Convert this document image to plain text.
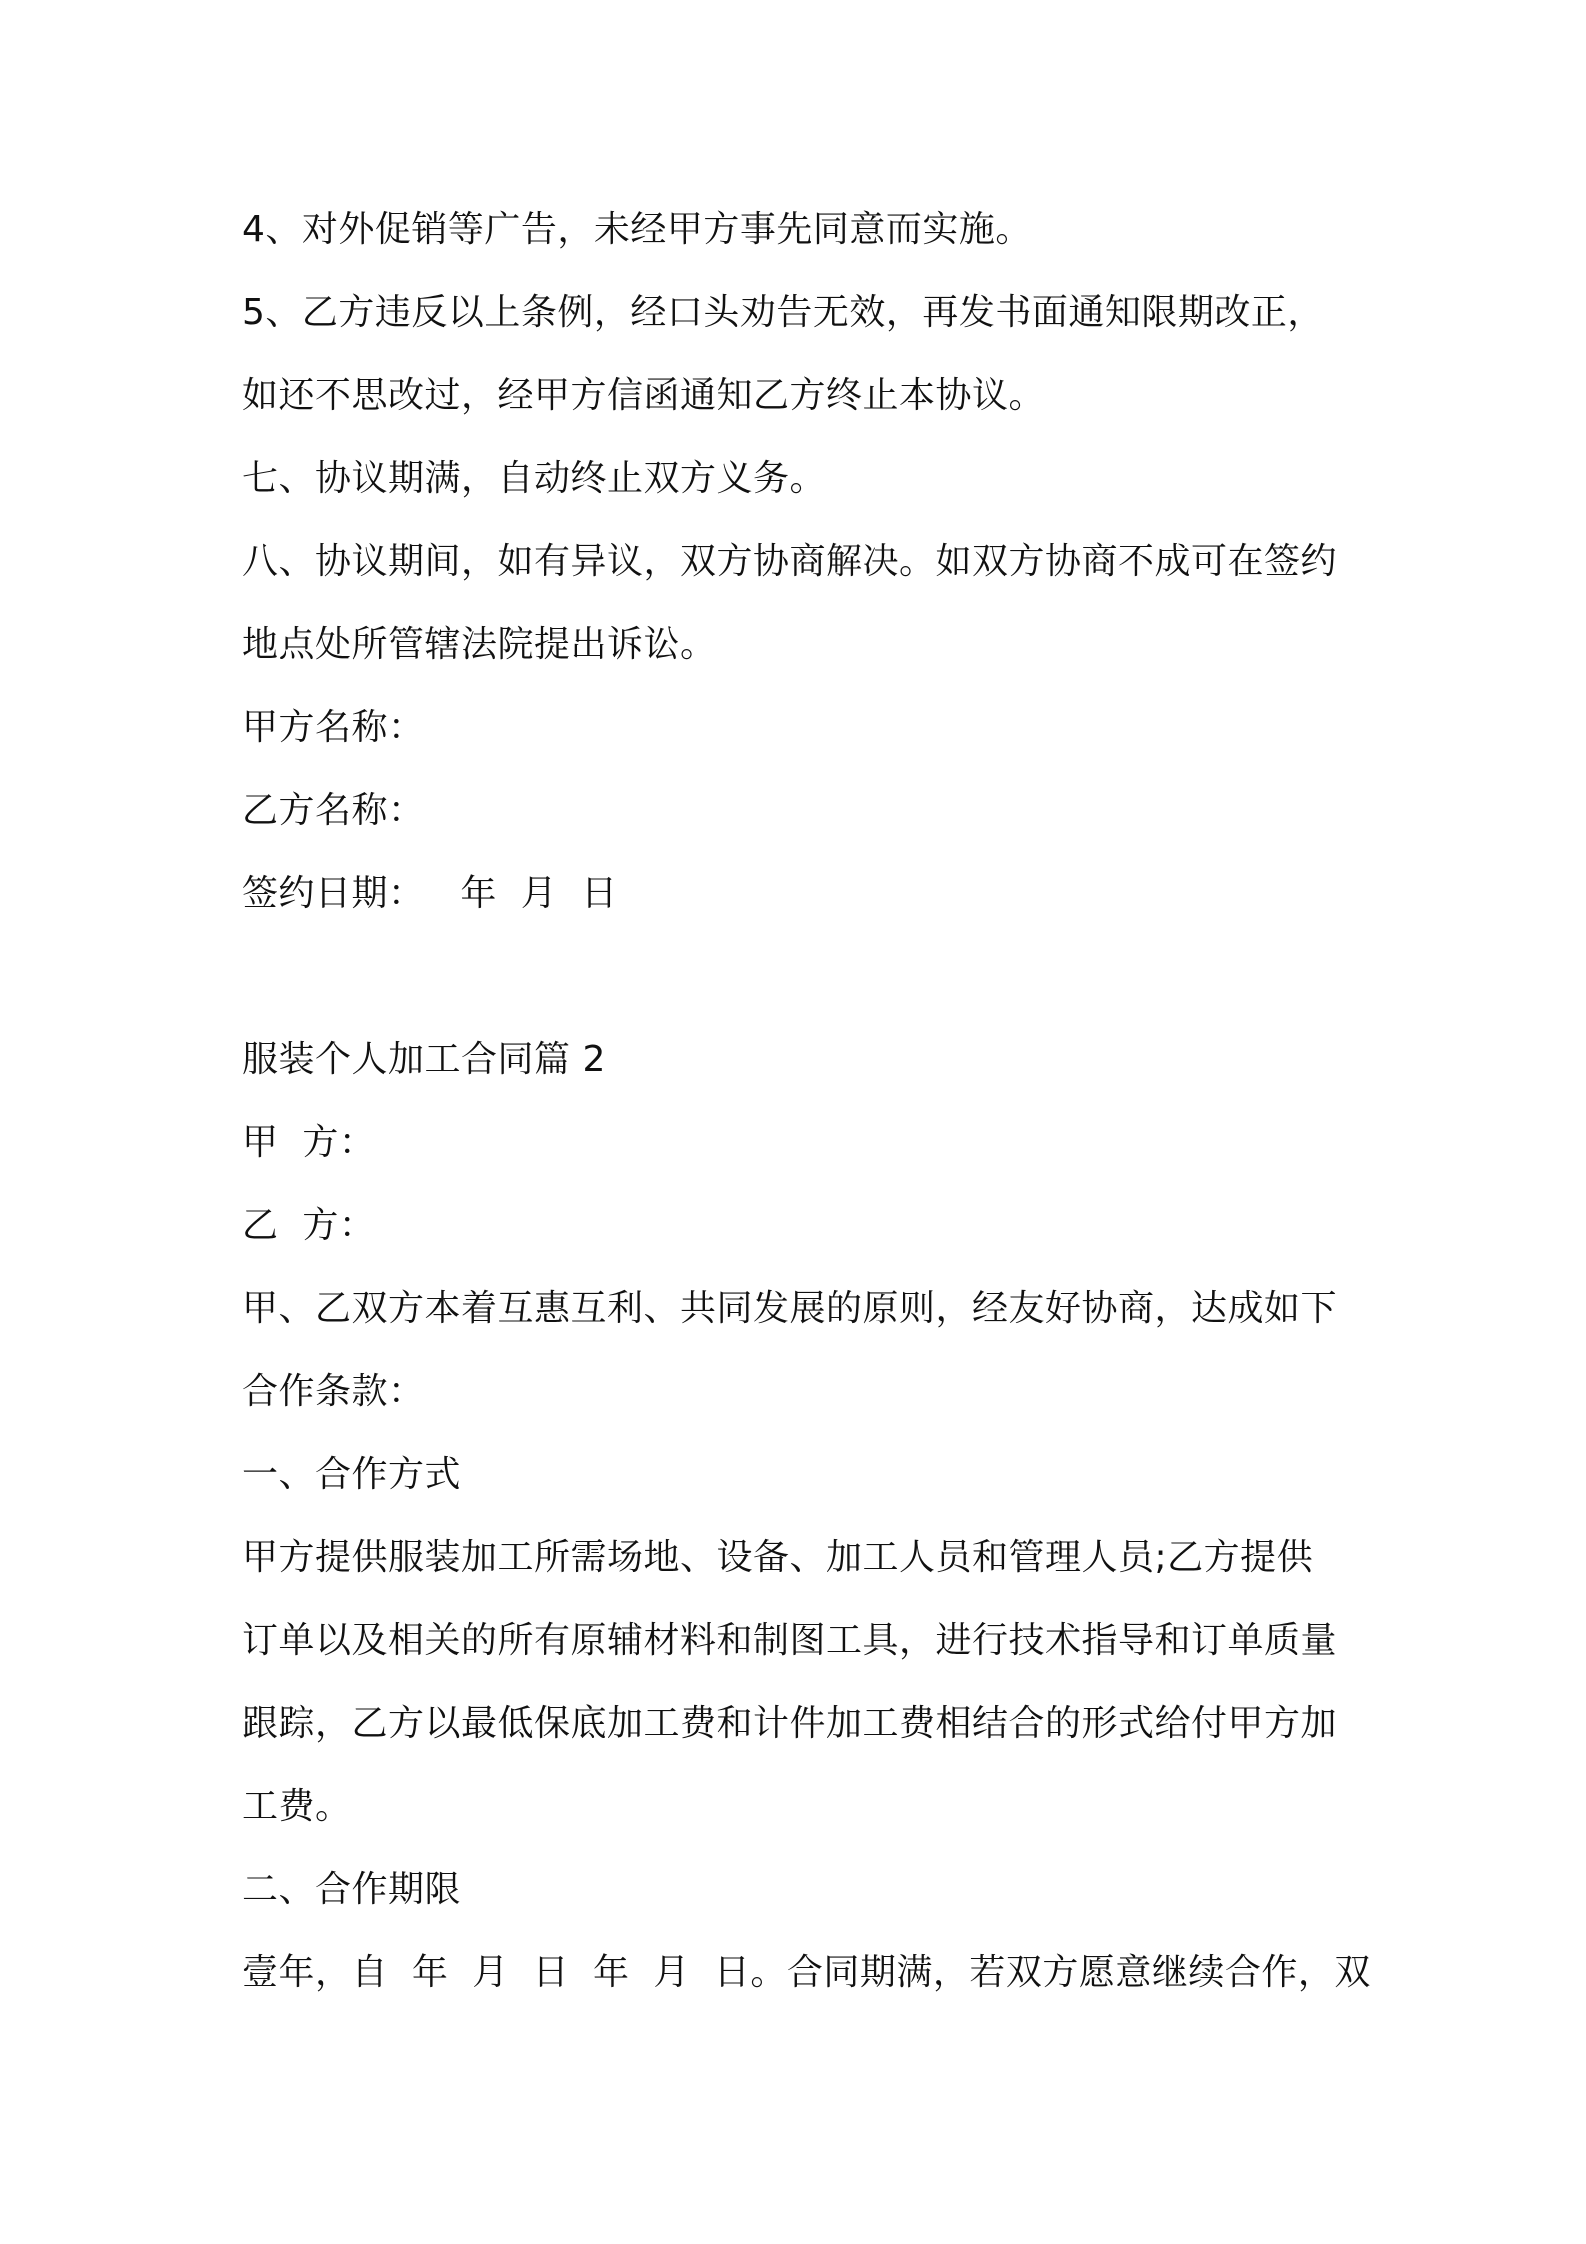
4、对外促销等广告，未经甲方事先同意而实施。
5、乙方违反以上条例，经口头劝告无效，再发书面通知限期改正，
如还不思改过，经甲方信函通知乙方终止本协议。
七、协议期满，自动终止双方义务。
八、协议期间，如有异议，双方协商解决。如双方协商不成可在签约
地点处所管辖法院提出诉讼。
甲方名称：
乙方名称：
签约日期：   年  月  日
服装个人加工合同篇 2
甲  方：
乙  方：
甲、乙双方本着互惠互利、共同发展的原则，经友好协商，达成如下
合作条款：
一、合作方式
甲方提供服装加工所需场地、设备、加工人员和管理人员;乙方提供
订单以及相关的所有原辅材料和制图工具，进行技术指导和订单质量
跟踪，乙方以最低保底加工费和计件加工费相结合的形式给付甲方加
工费。
二、合作期限
壹年，自  年  月  日  年  月  日。合同期满，若双方愿意继续合作，双
